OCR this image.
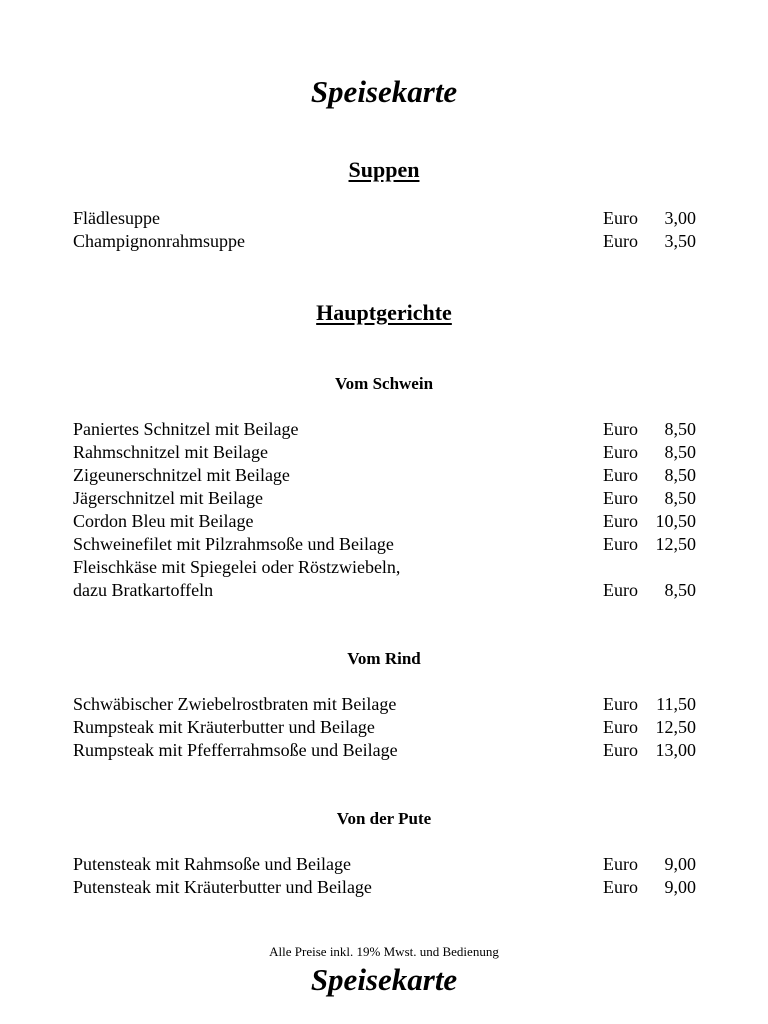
Speisekarte
Suppen
Flädlesuppe	Euro 3,00
Champignonrahmsuppe	Euro 3,50
Hauptgerichte
Vom Schwein
Paniertes Schnitzel mit Beilage	Euro 8,50
Rahmschnitzel mit Beilage	Euro 8,50
Zigeunerschnitzel mit Beilage	Euro 8,50
Jägerschnitzel mit Beilage	Euro 8,50
Cordon Bleu mit Beilage	Euro 10,50
Schweinefilet mit Pilzrahmsoße und Beilage	Euro 12,50
Fleischkäse mit Spiegelei oder Röstzwiebeln,
dazu Bratkartoffeln	Euro 8,50
Vom Rind
Schwäbischer Zwiebelrostbraten mit Beilage	Euro 11,50
Rumpsteak mit Kräuterbutter und Beilage	Euro 12,50
Rumpsteak mit Pfefferrahmsoße und Beilage	Euro 13,00
Von der Pute
Putensteak mit Rahmsoße und Beilage	Euro 9,00
Putensteak mit Kräuterbutter und Beilage	Euro 9,00
Alle Preise inkl. 19% Mwst. und Bedienung
Speisekarte
